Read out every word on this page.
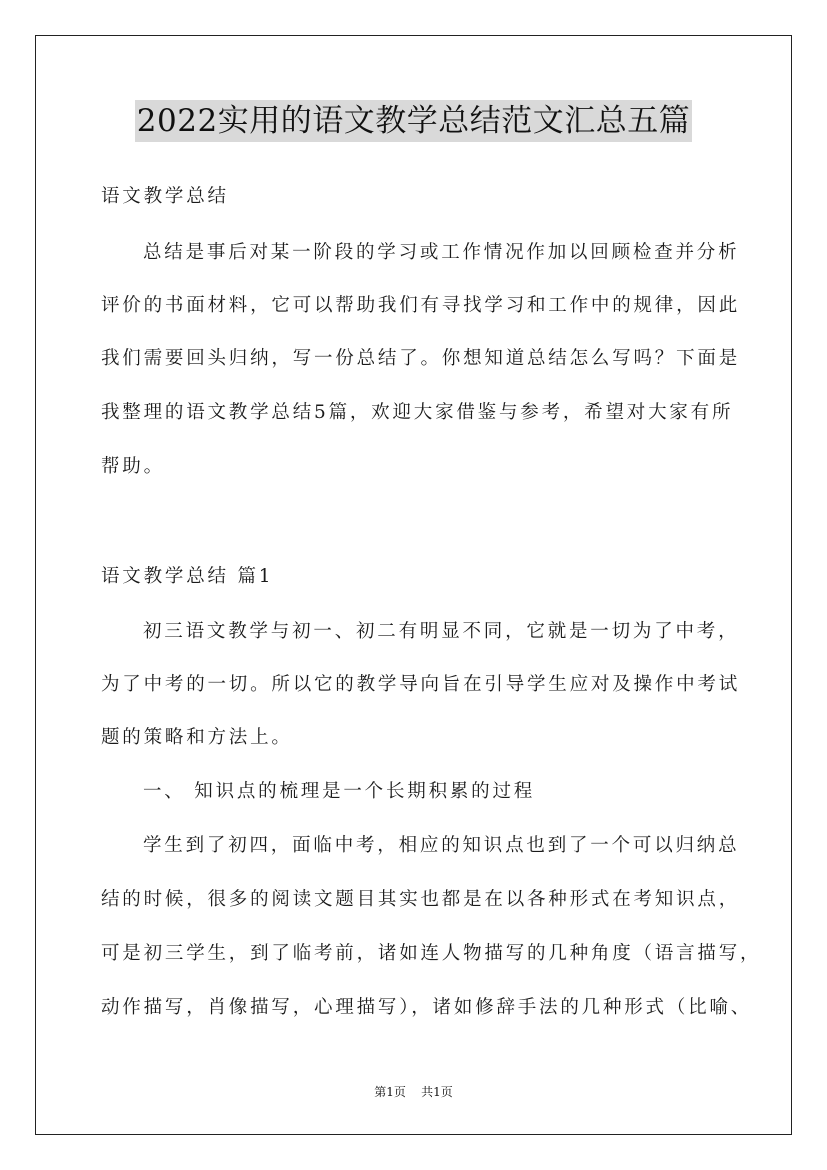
2022实用的语文教学总结范文汇总五篇
语文教学总结
总结是事后对某一阶段的学习或工作情况作加以回顾检查并分析
评价的书面材料，它可以帮助我们有寻找学习和工作中的规律，因此
我们需要回头归纳，写一份总结了。你想知道总结怎么写吗？下面是
我整理的语文教学总结5篇，欢迎大家借鉴与参考，希望对大家有所
帮助。
语文教学总结 篇1
初三语文教学与初一、初二有明显不同，它就是一切为了中考，
为了中考的一切。所以它的教学导向旨在引导学生应对及操作中考试
题的策略和方法上。
一、 知识点的梳理是一个长期积累的过程
学生到了初四，面临中考，相应的知识点也到了一个可以归纳总
结的时候，很多的阅读文题目其实也都是在以各种形式在考知识点，
可是初三学生，到了临考前，诸如连人物描写的几种角度（语言描写，
动作描写，肖像描写，心理描写），诸如修辞手法的几种形式（比喻、
第1页 共1页
